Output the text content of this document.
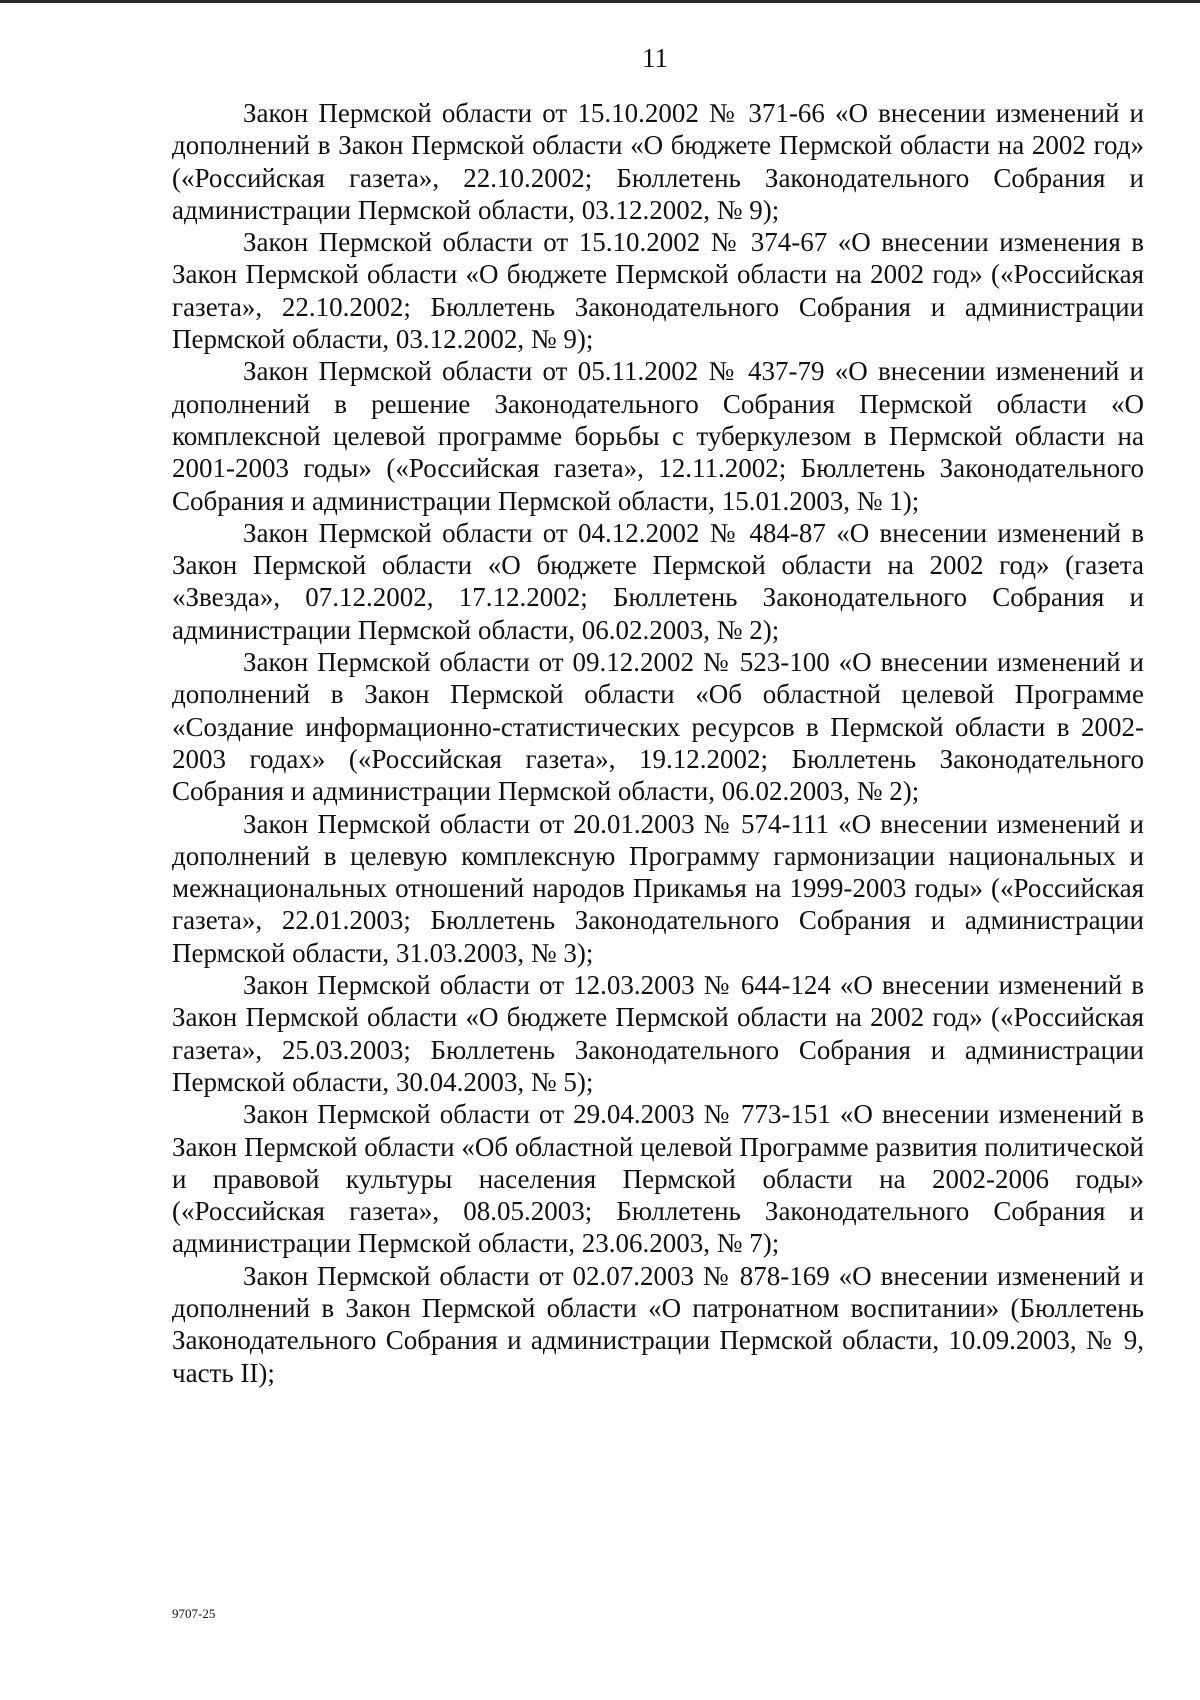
11

Закон Пермской области от 15.10.2002 № 371-66 «О внесении изменений и дополнений в Закон Пермской области «О бюджете Пермской области на 2002 год» («Российская газета», 22.10.2002; Бюллетень Законодательного Собрания и администрации Пермской области, 03.12.2002, № 9);

Закон Пермской области от 15.10.2002 № 374-67 «О внесении изменения в Закон Пермской области «О бюджете Пермской области на 2002 год» («Российская газета», 22.10.2002; Бюллетень Законодательного Собрания и администрации Пермской области, 03.12.2002, № 9);

Закон Пермской области от 05.11.2002 № 437-79 «О внесении изменений и дополнений в решение Законодательного Собрания Пермской области «О комплексной целевой программе борьбы с туберкулезом в Пермской области на 2001-2003 годы» («Российская газета», 12.11.2002; Бюллетень Законодательного Собрания и администрации Пермской области, 15.01.2003, № 1);

Закон Пермской области от 04.12.2002 № 484-87 «О внесении изменений в Закон Пермской области «О бюджете Пермской области на 2002 год» (газета «Звезда», 07.12.2002, 17.12.2002; Бюллетень Законодательного Собрания и администрации Пермской области, 06.02.2003, № 2);

Закон Пермской области от 09.12.2002 № 523-100 «О внесении изменений и дополнений в Закон Пермской области «Об областной целевой Программе «Создание информационно-статистических ресурсов в Пермской области в 2002-2003 годах» («Российская газета», 19.12.2002; Бюллетень Законодательного Собрания и администрации Пермской области, 06.02.2003, № 2);

Закон Пермской области от 20.01.2003 № 574-111 «О внесении изменений и дополнений в целевую комплексную Программу гармонизации национальных и межнациональных отношений народов Прикамья на 1999-2003 годы» («Российская газета», 22.01.2003; Бюллетень Законодательного Собрания и администрации Пермской области, 31.03.2003, № 3);

Закон Пермской области от 12.03.2003 № 644-124 «О внесении изменений в Закон Пермской области «О бюджете Пермской области на 2002 год» («Российская газета», 25.03.2003; Бюллетень Законодательного Собрания и администрации Пермской области, 30.04.2003, № 5);

Закон Пермской области от 29.04.2003 № 773-151 «О внесении изменений в Закон Пермской области «Об областной целевой Программе развития политической и правовой культуры населения Пермской области на 2002-2006 годы» («Российская газета», 08.05.2003; Бюллетень Законодательного Собрания и администрации Пермской области, 23.06.2003, № 7);

Закон Пермской области от 02.07.2003 № 878-169 «О внесении изменений и дополнений в Закон Пермской области «О патронатном воспитании» (Бюллетень Законодательного Собрания и администрации Пермской области, 10.09.2003, № 9, часть II);

9707-25
